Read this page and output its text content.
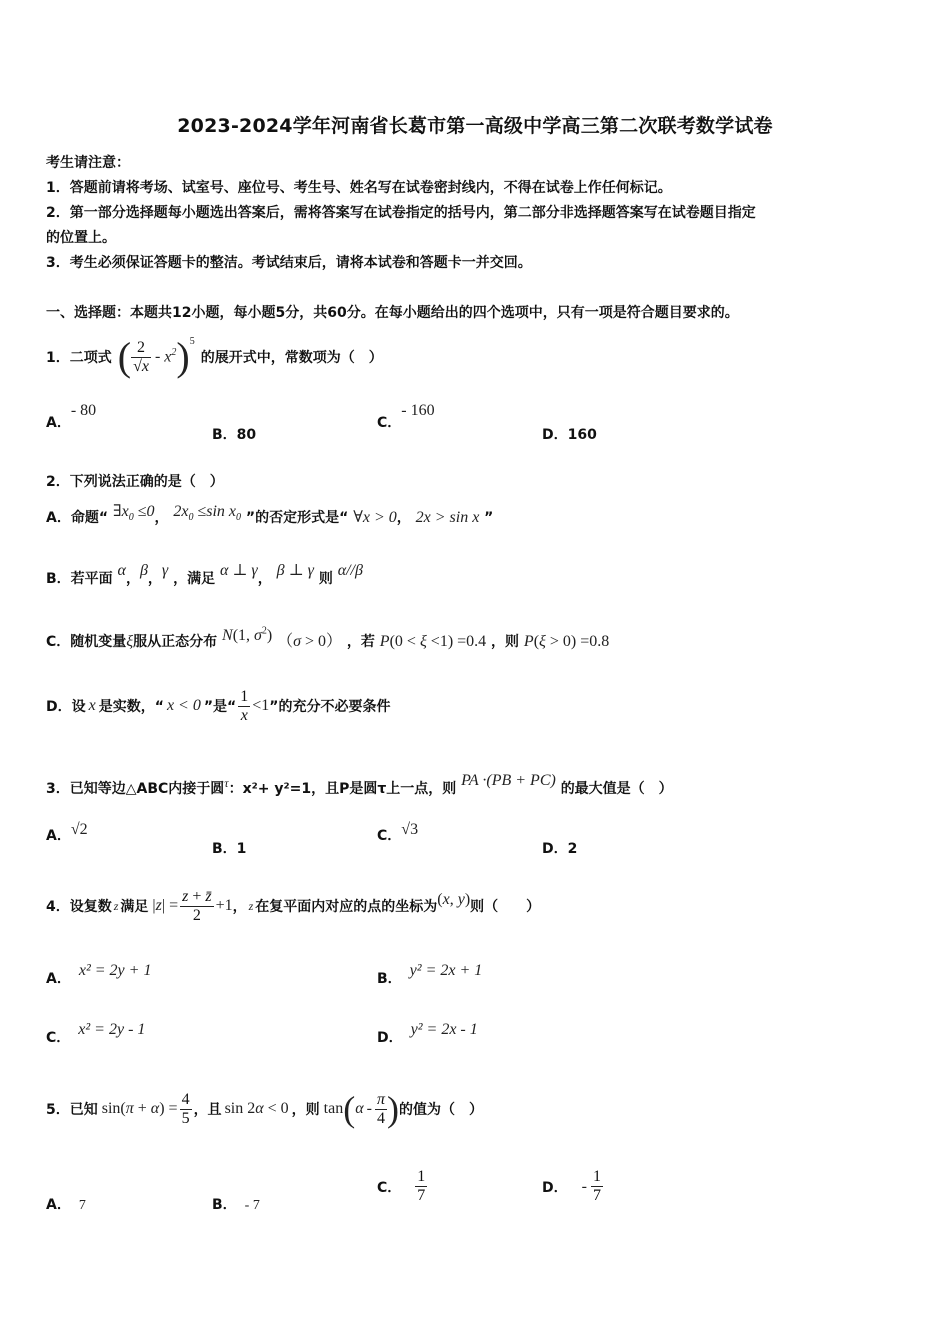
2023-2024学年河南省长葛市第一高级中学高三第二次联考数学试卷
考生请注意：
1．答题前请将考场、试室号、座位号、考生号、姓名写在试卷密封线内，不得在试卷上作任何标记。
2．第一部分选择题每小题选出答案后，需将答案写在试卷指定的括号内，第二部分非选择题答案写在试卷题目指定
的位置上。
3．考生必须保证答题卡的整洁。考试结束后，请将本试卷和答题卡一并交回。
一、选择题：本题共12小题，每小题5分，共60分。在每小题给出的四个选项中，只有一项是符合题目要求的。
1．二项式 ( $\frac{2}{√x} - x^2$ )$^5$
的展开式中，常数项为（　）
A．- 80
B．80
C．- 160
D．160
2．下列说法正确的是（　）
A．命题“ $\exists x_0 \le 0$， $2x_0 \le\sin$ $x_0$ ”的否定形式是“ ∀x > 0， 2x > sin x ”
B．若平面 α，β，γ ，满足 α ⊥ γ， β ⊥ γ 则 α//β
C．随机变量ξ服从正态分布 N(1, $\sigma^2$) （σ > 0） ，若 P(0 < ξ <1) =0.4 ，则 P(ξ > 0) =0.8
D．设 x 是实数，“ x < 0 ”是“ $\frac{1}{x} <1$ ”的充分不必要条件
3．已知等边△ABC内接于圆τ：x²+ y²=1，且P是圆τ上一点，则 PA ·(PB + PC) 的最大值是（　）
A．√2
B．1
C．√3
D．2
4．设复数 z 满足 $|z| = \frac{z + z̄}{2} +1$ ， z 在复平面内对应的点的坐标为 (x, y) 则（　　）
A． x² = 2y + 1	B． y² = 2x + 1
C． x² = 2y - 1	D． y² = 2x - 1
5．已知 $\sin(\pi + \alpha) = \frac{4}{5}$ ，且 sin 2α < 0 ，则 tan ( α - $\frac{\pi}{4}$ ) 的值为（　）
A． 7	B． - 7
C． $\frac{1}{7}$	D． - $\frac{1}{7}$
